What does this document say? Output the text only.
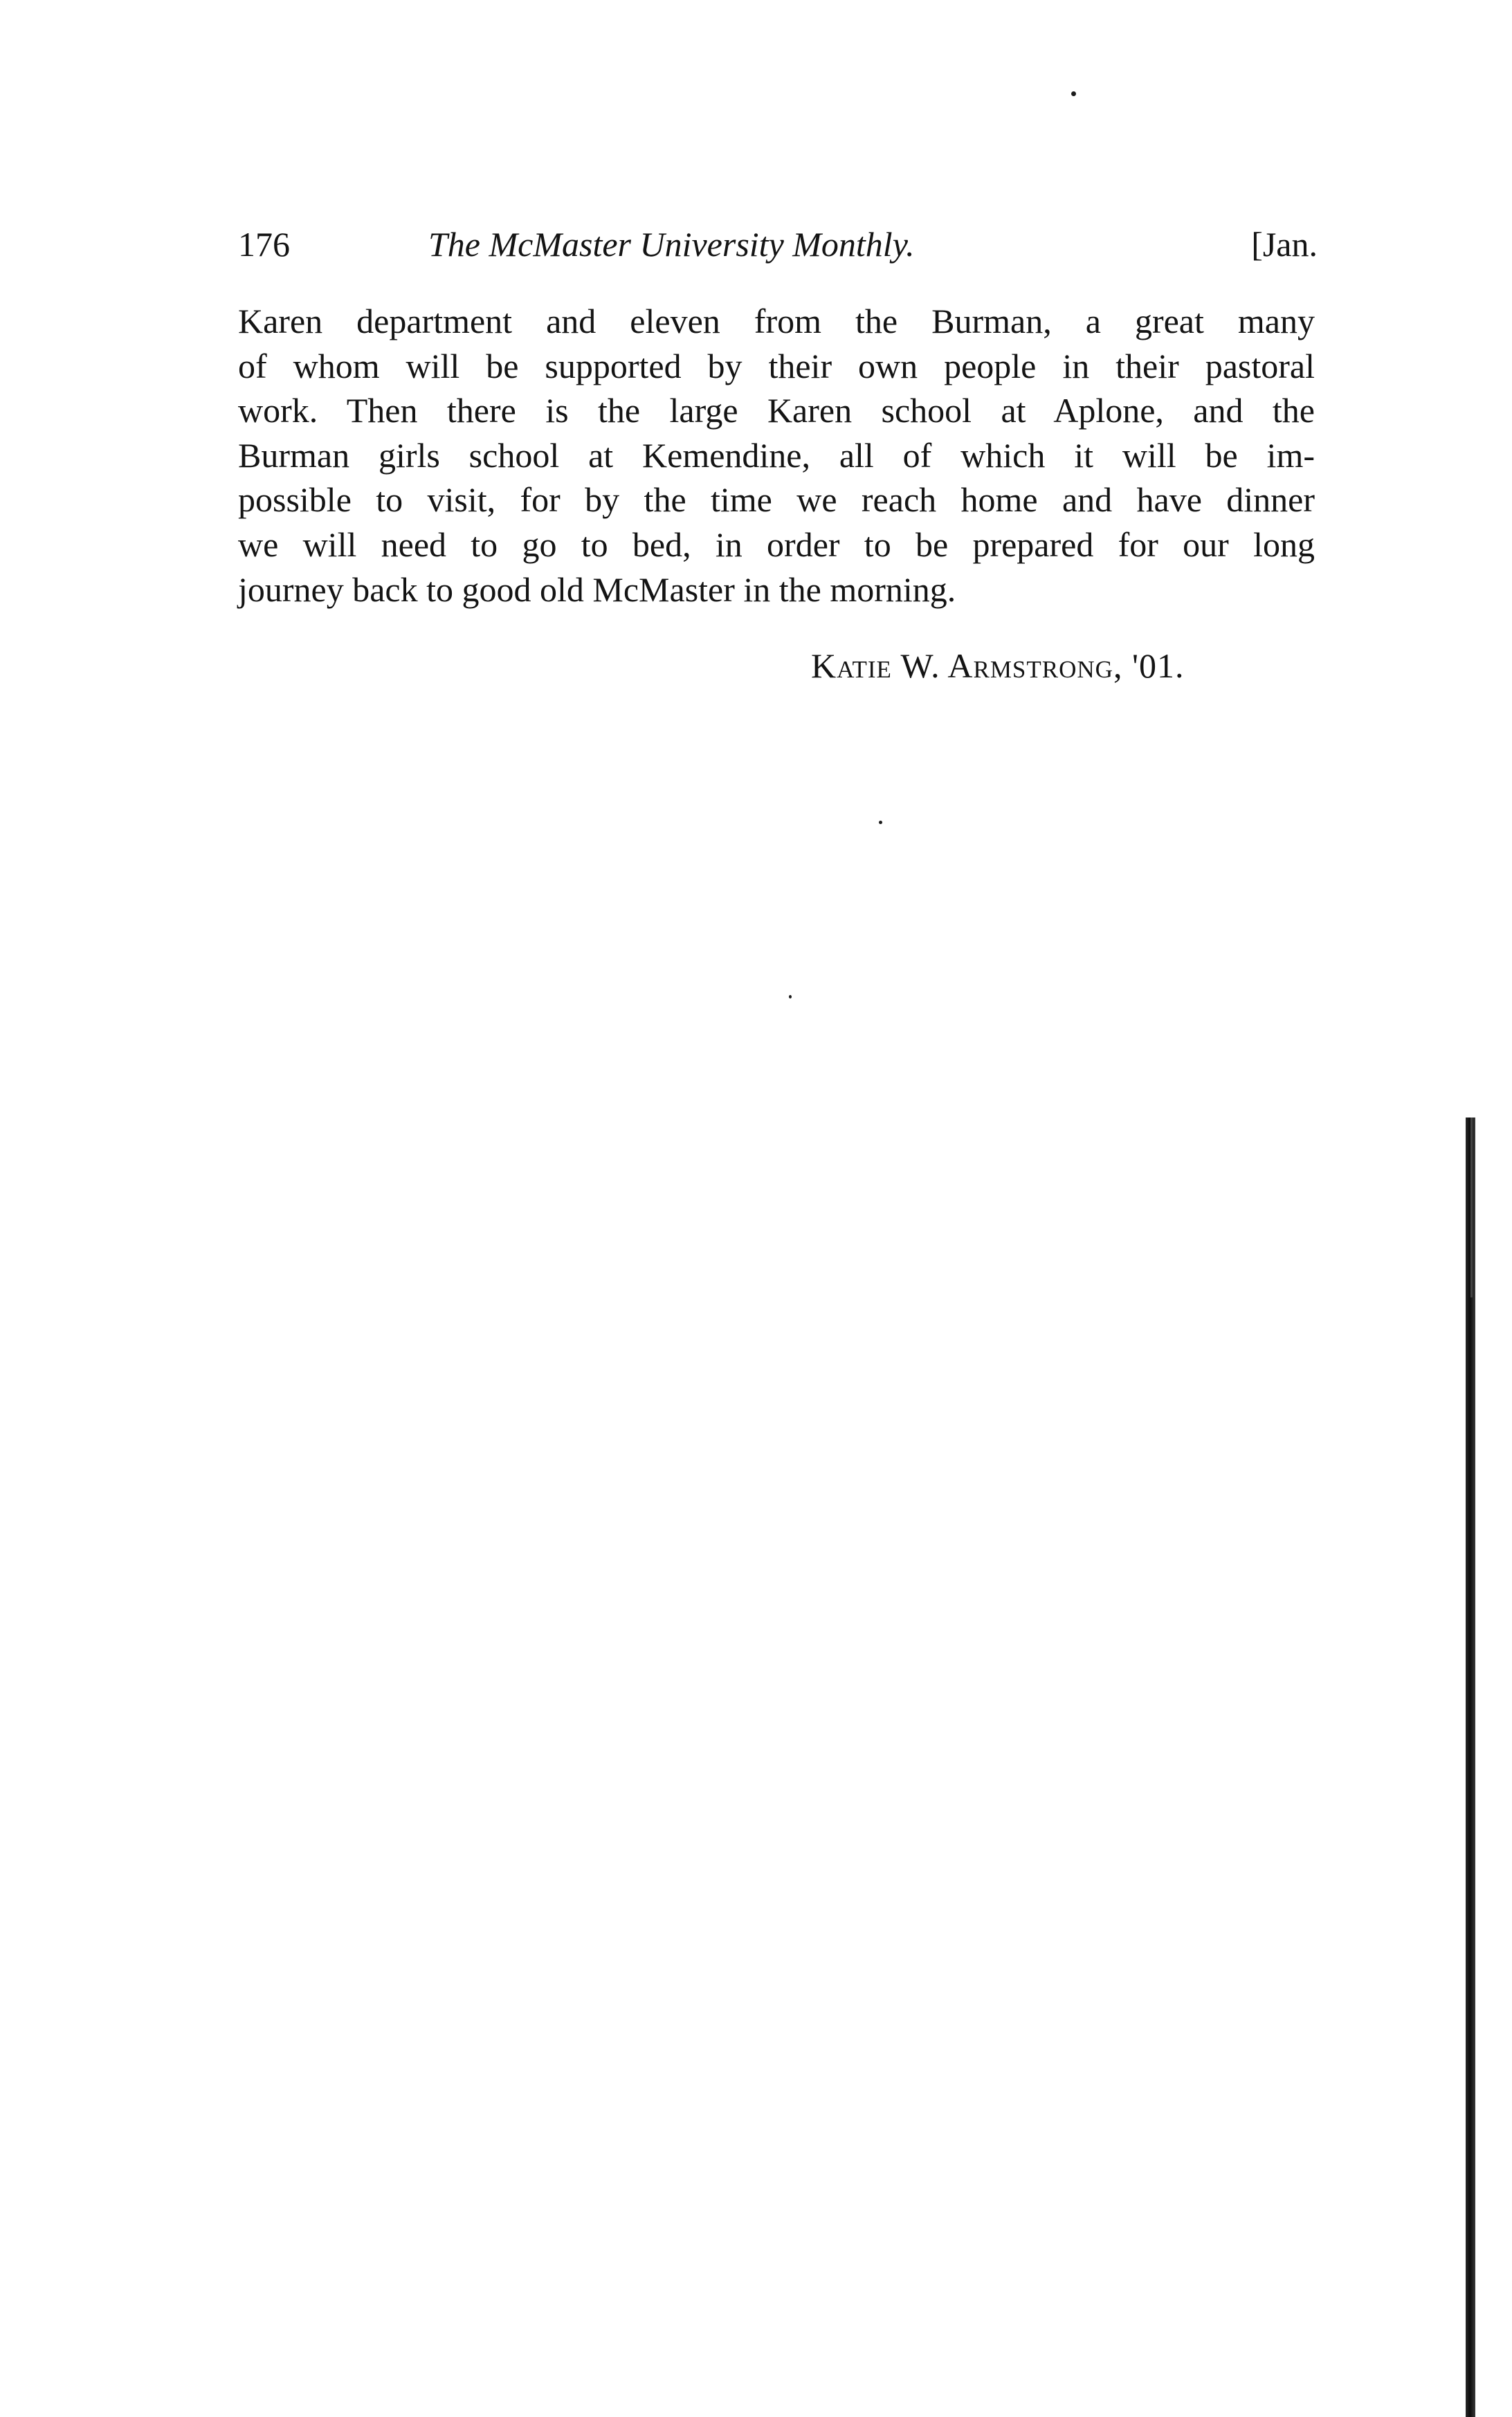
176	The McMaster University Monthly.	[Jan.
Karen department and eleven from the Burman, a great many
of whom will be supported by their own people in their pastoral
work. Then there is the large Karen school at Aplone, and the
Burman girls school at Kemendine, all of which it will be im-
possible to visit, for by the time we reach home and have dinner
we will need to go to bed, in order to be prepared for our long
journey back to good old McMaster in the morning.
Katie W. Armstrong, '01.
